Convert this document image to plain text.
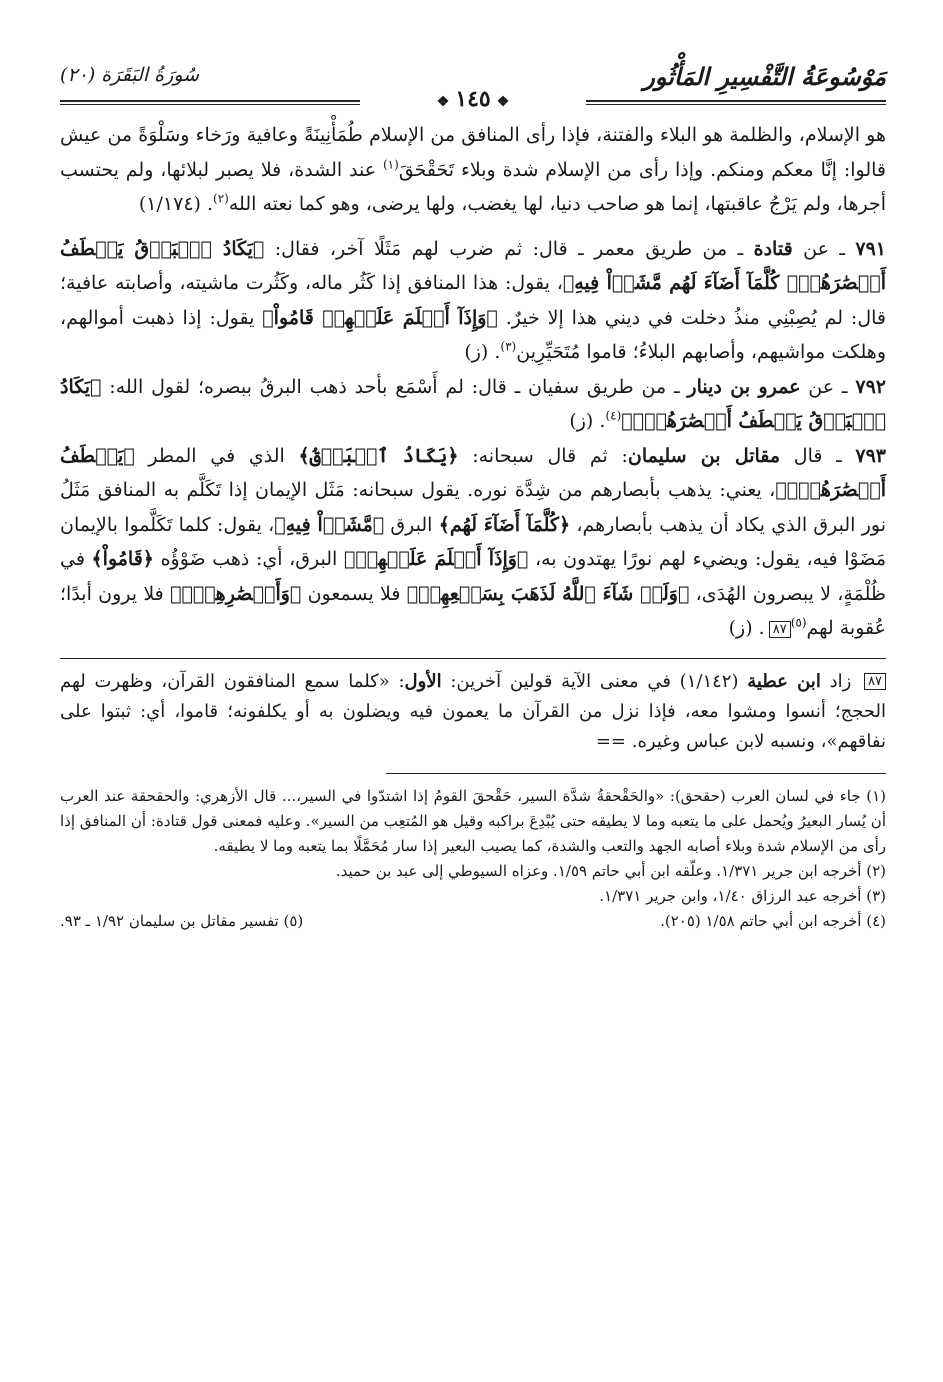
مَوْسُوعَةُ التَّفْسِيرِ المَأْثُور
❖١٤٥❖
سُورَةُ البَقَرَة (٢٠)

هو الإسلام، والظلمة هو البلاء والفتنة، فإذا رأى المنافق من الإسلام طُمَأْنِينَةً وعافية ورَخاء وسَلْوَةً من عيش قالوا: إنَّا معكم ومنكم. وإذا رأى من الإسلام شدة وبلاء تَحَقْحَقَ$^{(١)}$ عند الشدة، فلا يصبر لبلائها، ولم يحتسب أجرها، ولم يَرْجُ عاقبتها، إنما هو صاحب دنيا، لها يغضب، ولها يرضى، وهو كما نعته الله$^{(٢)}$. (١/١٧٤)

٧٩١ ـ عن قتادة ـ من طريق معمر ـ قال: ثم ضرب لهم مَثَلًا آخر، فقال: ﴿يَكَادُ ٱلۡبَرۡقُ يَخۡطَفُ أَبۡصَٰرَهُمۡۖ كُلَّمَآ أَضَآءَ لَهُم مَّشَوۡاْ فِيهِ﴾، يقول: هذا المنافق إذا كَثُر ماله، وكَثُرت ماشيته، وأصابته عافية؛ قال: لم يُصِبْنِي منذُ دخلت في ديني هذا إلا خيرٌ. ﴿وَإِذَآ أَظۡلَمَ عَلَيۡهِمۡ قَامُواْ﴾ يقول: إذا ذهبت أموالهم، وهلكت مواشيهم، وأصابهم البلاءُ؛ قاموا مُتَحَيِّرِين$^{(٣)}$. (ز)

٧٩٢ ـ عن عمرو بن دينار ـ من طريق سفيان ـ قال: لم أَسْمَع بأحد ذهب البرقُ ببصره؛ لقول الله: ﴿يَكَادُ ٱلۡبَرۡقُ يَخۡطَفُ أَبۡصَٰرَهُمۡۖ﴾$^{(٤)}$. (ز)

٧٩٣ ـ قال مقاتل بن سليمان: ثم قال سبحانه: ﴿يَكَادُ ٱلۡبَرۡقُ﴾ الذي في المطر ﴿يَخۡطَفُ أَبۡصَٰرَهُمۡۖ﴾، يعني: يذهب بأبصارهم من شِدَّة نوره. يقول سبحانه: مَثَل الإيمان إذا تَكَلَّم به المنافق مَثَلُ نور البرق الذي يكاد أن يذهب بأبصارهم، ﴿كُلَّمَآ أَضَآءَ لَهُم﴾ البرق ﴿مَّشَوۡاْ فِيهِ﴾، يقول: كلما تَكَلَّموا بالإيمان مَضَوْا فيه، يقول: ويضيء لهم نورًا يهتدون به، ﴿وَإِذَآ أَظۡلَمَ عَلَيۡهِمۡ﴾ البرق، أي: ذهب ضَوْؤُه ﴿قَامُواْ﴾ في ظُلْمَةٍ، لا يبصرون الهُدَى، ﴿وَلَوۡ شَآءَ ٱللَّهُ لَذَهَبَ بِسَمۡعِهِمۡ﴾ فلا يسمعون ﴿وَأَبۡصَٰرِهِمۡۚ﴾ فلا يرون أبدًا؛ عُقوبة لهم$^{(٥)}$٨٧. (ز)

٨٧ زاد ابن عطية (١/١٤٢) في معنى الآية قولين آخرين: الأول: «كلما سمع المنافقون القرآن، وظهرت لهم الحجج؛ أنسوا ومشوا معه، فإذا نزل من القرآن ما يعمون فيه ويضلون به أو يكلفونه؛ قاموا، أي: ثبتوا على نفاقهم»، ونسبه لابن عباس وغيره. ==

(١) جاء في لسان العرب (حقحق): «والحَقْحقةُ شدَّة السير، حَقْحقَ القومُ إذا اشتدّوا في السير،... قال الأزهري: والحقحقة عند العرب أن يُسار البعيرُ ويُحمل على ما يتعبه وما لا يطيقه حتى يُبْدِعَ براكبه وقيل هو المُتعِب من السير». وعليه فمعنى قول قتادة: أن المنافق إذا رأى من الإسلام شدة وبلاء أصابه الجهد والتعب والشدة، كما يصيب البعير إذا سار مُحَمَّلًا بما يتعبه وما لا يطيقه.

(٢) أخرجه ابن جرير ١/٣٧١. وعلّقه ابن أبي حاتم ١/٥٩. وعزاه السيوطي إلى عبد بن حميد.

(٣) أخرجه عبد الرزاق ١/٤٠، وابن جرير ١/٣٧١.

(٤) أخرجه ابن أبي حاتم ١/٥٨ (٢٠٥).
(٥) تفسير مقاتل بن سليمان ١/٩٢ ـ ٩٣.
